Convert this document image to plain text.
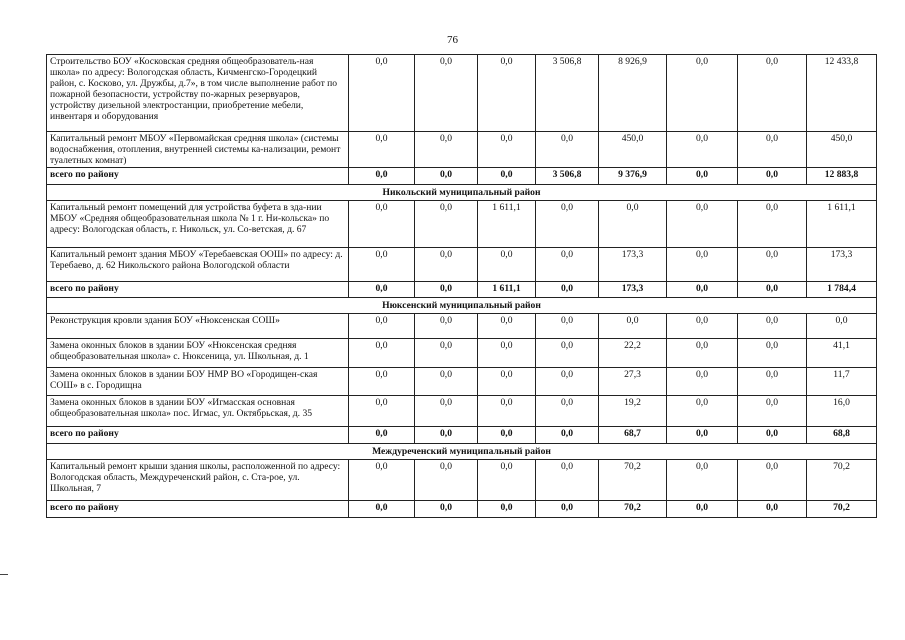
76
Строительство БОУ «Косковская средняя общеобразователь-ная школа» по адресу: Вологодская область, Кичменгско-Городецкий район, с. Косково, ул. Дружбы, д.7», в том числе выполнение работ по пожарной безопасности, устройству по-жарных резервуаров, устройству дизельной электростанции, приобретение мебели, инвентаря и оборудования	0,0	0,0	0,0	3 506,8	8 926,9	0,0	0,0	12 433,8
Капитальный ремонт МБОУ «Первомайская средняя школа» (системы водоснабжения, отопления, внутренней системы ка-нализации, ремонт туалетных комнат)	0,0	0,0	0,0	0,0	450,0	0,0	0,0	450,0
всего по району	0,0	0,0	0,0	3 506,8	9 376,9	0,0	0,0	12 883,8
Никольский муниципальный район								
Капитальный ремонт помещений для устройства буфета в зда-нии МБОУ «Средняя общеобразовательная школа № 1 г. Ни-кольска» по адресу: Вологодская область, г. Никольск, ул. Со-ветская, д. 67	0,0	0,0	1 611,1	0,0	0,0	0,0	0,0	1 611,1
Капитальный ремонт здания МБОУ «Теребаевская ООШ» по адресу: д. Теребаево, д. 62 Никольского района Вологодской области	0,0	0,0	0,0	0,0	173,3	0,0	0,0	173,3
всего по району	0,0	0,0	1 611,1	0,0	173,3	0,0	0,0	1 784,4
Нюксенский муниципальный район								
Реконструкция кровли здания БОУ «Нюксенская СОШ»	0,0	0,0	0,0	0,0	0,0	0,0	0,0	0,0
Замена оконных блоков в здании БОУ «Нюксенская средняя общеобразовательная школа» с. Нюксеница, ул. Школьная, д. 1	0,0	0,0	0,0	0,0	22,2	0,0	0,0	41,1
Замена оконных блоков в здании БОУ НМР ВО «Городищен-ская СОШ» в с. Городищна	0,0	0,0	0,0	0,0	27,3	0,0	0,0	11,7
Замена оконных блоков в здании БОУ «Игмасская основная общеобразовательная школа» пос. Игмас, ул. Октябрьская, д. 35	0,0	0,0	0,0	0,0	19,2	0,0	0,0	16,0
всего по району	0,0	0,0	0,0	0,0	68,7	0,0	0,0	68,8
Междуреченский муниципальный район								
Капитальный ремонт крыши здания школы, расположенной по адресу: Вологодская область, Междуреченский район, с. Ста-рое, ул. Школьная, 7	0,0	0,0	0,0	0,0	70,2	0,0	0,0	70,2
всего по району	0,0	0,0	0,0	0,0	70,2	0,0	0,0	70,2
